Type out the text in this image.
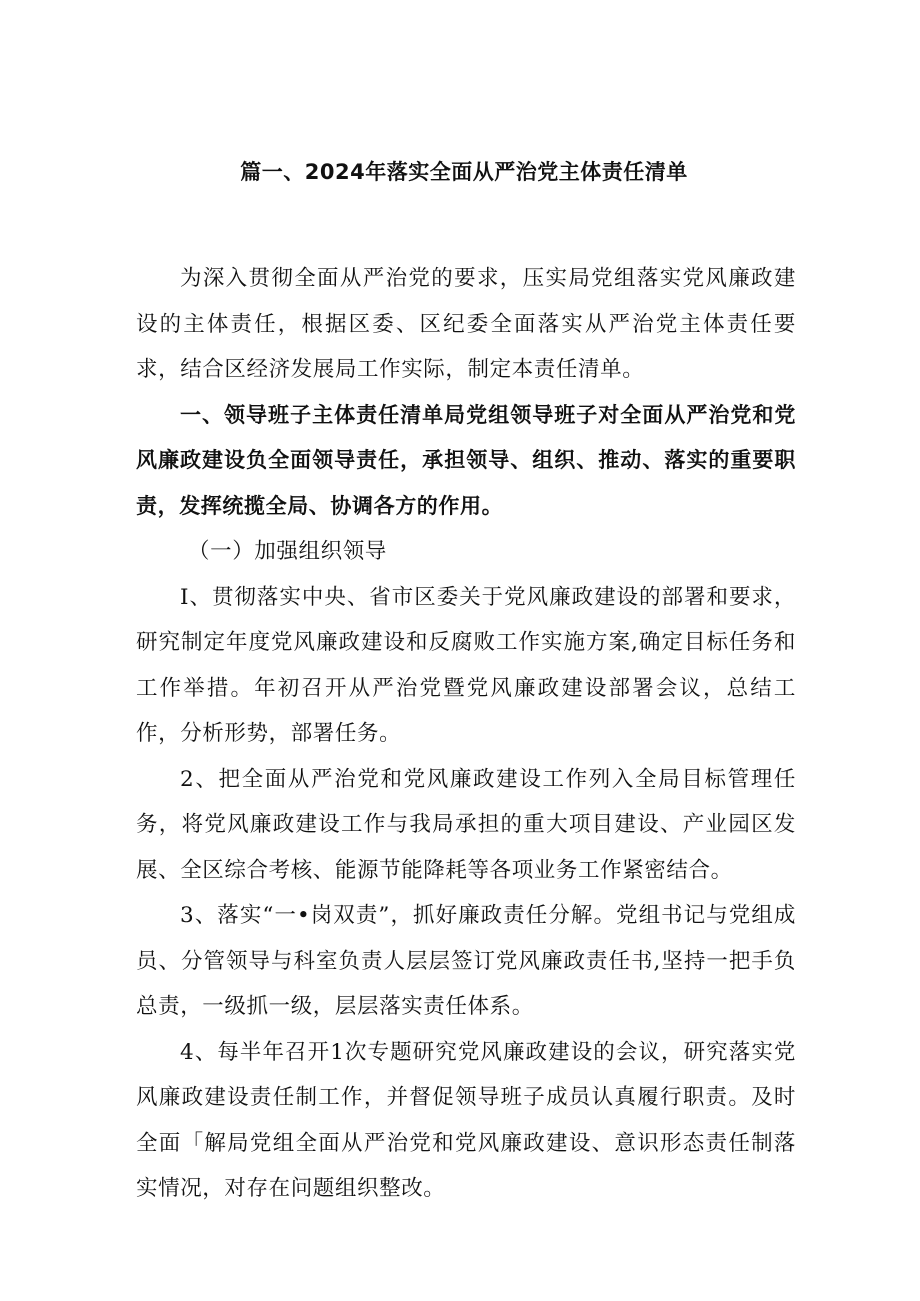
篇一、2024年落实全面从严治党主体责任清单

为深入贯彻全面从严治党的要求，压实局党组落实党风廉政建设的主体责任，根据区委、区纪委全面落实从严治党主体责任要求，结合区经济发展局工作实际，制定本责任清单。

一、领导班子主体责任清单局党组领导班子对全面从严治党和党风廉政建设负全面领导责任，承担领导、组织、推动、落实的重要职责，发挥统揽全局、协调各方的作用。

（一）加强组织领导

I、贯彻落实中央、省市区委关于党风廉政建设的部署和要求，研究制定年度党风廉政建设和反腐败工作实施方案,确定目标任务和工作举措。年初召开从严治党暨党风廉政建设部署会议，总结工作，分析形势，部署任务。

2、把全面从严治党和党风廉政建设工作列入全局目标管理任务，将党风廉政建设工作与我局承担的重大项目建设、产业园区发展、全区综合考核、能源节能降耗等各项业务工作紧密结合。

3、落实“一•岗双责”，抓好廉政责任分解。党组书记与党组成员、分管领导与科室负责人层层签订党风廉政责任书,坚持一把手负总责，一级抓一级，层层落实责任体系。

4、每半年召开1次专题研究党风廉政建设的会议，研究落实党风廉政建设责任制工作，并督促领导班子成员认真履行职责。及时全面「解局党组全面从严治党和党风廉政建设、意识形态责任制落实情况，对存在问题组织整改。
